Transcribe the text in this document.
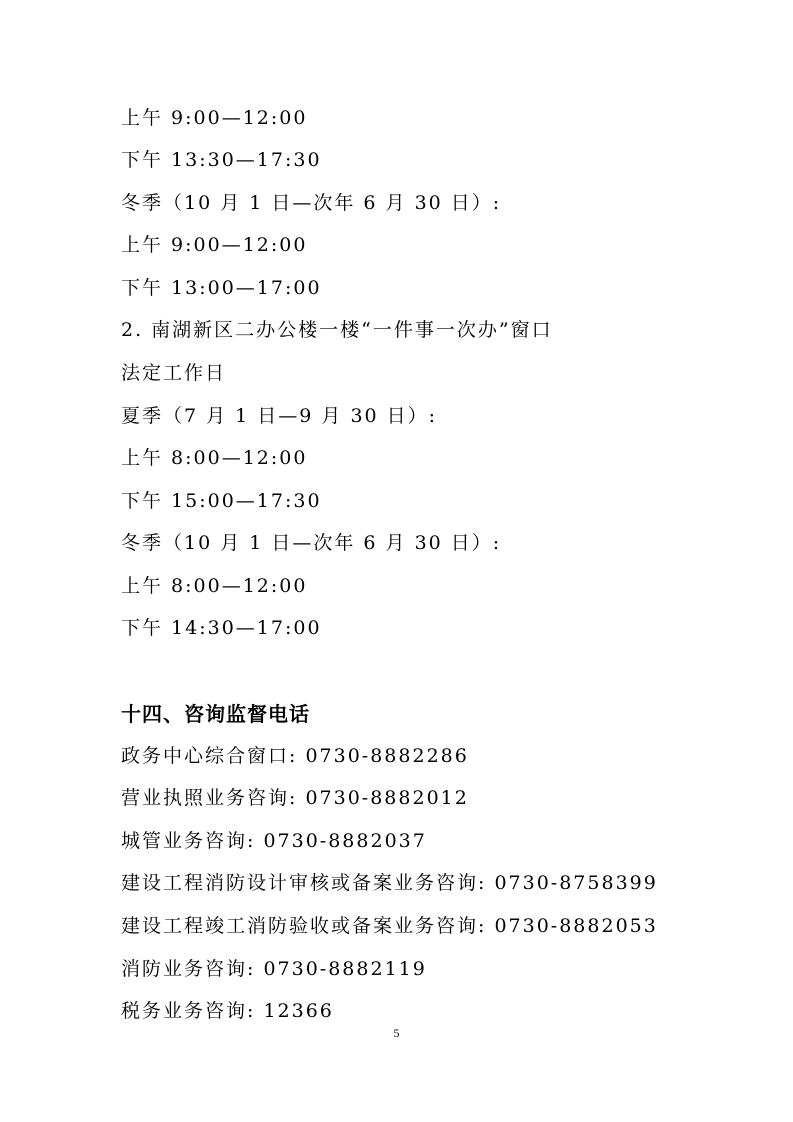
上午 9:00—12:00
下午 13:30—17:30
冬季（10 月 1 日—次年 6 月 30 日）:
上午 9:00—12:00
下午 13:00—17:00
2. 南湖新区二办公楼一楼“一件事一次办”窗口
法定工作日
夏季（7 月 1 日—9 月 30 日）:
上午 8:00—12:00
下午 15:00—17:30
冬季（10 月 1 日—次年 6 月 30 日）:
上午 8:00—12:00
下午 14:30—17:00
十四、咨询监督电话
政务中心综合窗口: 0730-8882286
营业执照业务咨询: 0730-8882012
城管业务咨询: 0730-8882037
建设工程消防设计审核或备案业务咨询: 0730-8758399
建设工程竣工消防验收或备案业务咨询: 0730-8882053
消防业务咨询: 0730-8882119
税务业务咨询: 12366
5
